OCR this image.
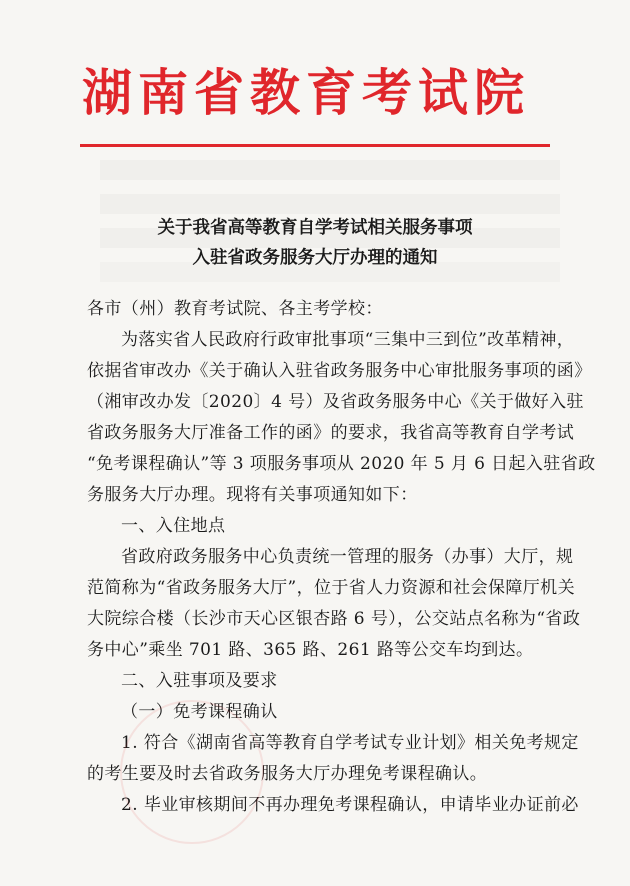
湖南省教育考试院
关于我省高等教育自学考试相关服务事项
入驻省政务服务大厅办理的通知
各市（州）教育考试院、各主考学校：
为落实省人民政府行政审批事项“三集中三到位”改革精神，
依据省审改办《关于确认入驻省政务服务中心审批服务事项的函》
（湘审改办发〔2020〕4 号）及省政务服务中心《关于做好入驻
省政务服务大厅准备工作的函》的要求，我省高等教育自学考试
“免考课程确认”等 3 项服务事项从 2020 年 5 月 6 日起入驻省政
务服务大厅办理。现将有关事项通知如下：
一、入住地点
省政府政务服务中心负责统一管理的服务（办事）大厅，规
范简称为“省政务服务大厅”，位于省人力资源和社会保障厅机关
大院综合楼（长沙市天心区银杏路 6 号），公交站点名称为“省政
务中心”乘坐 701 路、365 路、261 路等公交车均到达。
二、入驻事项及要求
（一）免考课程确认
1. 符合《湖南省高等教育自学考试专业计划》相关免考规定
的考生要及时去省政务服务大厅办理免考课程确认。
2. 毕业审核期间不再办理免考课程确认，申请毕业办证前必
